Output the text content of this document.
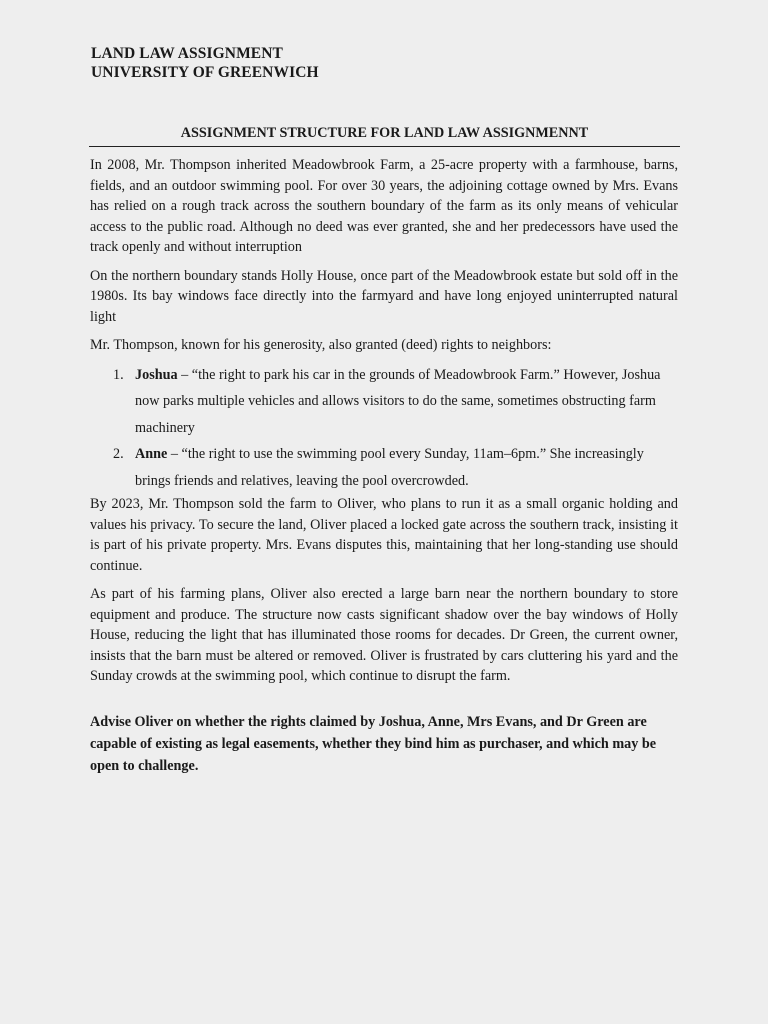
LAND LAW ASSIGNMENT
UNIVERSITY OF GREENWICH
ASSIGNMENT STRUCTURE FOR LAND LAW ASSIGNMENNT

In 2008, Mr. Thompson inherited Meadowbrook Farm, a 25-acre property with a farmhouse, barns, fields, and an outdoor swimming pool. For over 30 years, the adjoining cottage owned by Mrs. Evans has relied on a rough track across the southern boundary of the farm as its only means of vehicular access to the public road. Although no deed was ever granted, she and her predecessors have used the track openly and without interruption

On the northern boundary stands Holly House, once part of the Meadowbrook estate but sold off in the 1980s. Its bay windows face directly into the farmyard and have long enjoyed uninterrupted natural light

Mr. Thompson, known for his generosity, also granted (deed) rights to neighbors:

1. Joshua – “the right to park his car in the grounds of Meadowbrook Farm.” However, Joshua
now parks multiple vehicles and allows visitors to do the same, sometimes obstructing farm
machinery
2. Anne – “the right to use the swimming pool every Sunday, 11am–6pm.” She increasingly
brings friends and relatives, leaving the pool overcrowded.

By 2023, Mr. Thompson sold the farm to Oliver, who plans to run it as a small organic holding and values his privacy. To secure the land, Oliver placed a locked gate across the southern track, insisting it is part of his private property. Mrs. Evans disputes this, maintaining that her long-standing use should continue.

As part of his farming plans, Oliver also erected a large barn near the northern boundary to store equipment and produce. The structure now casts significant shadow over the bay windows of Holly House, reducing the light that has illuminated those rooms for decades. Dr Green, the current owner, insists that the barn must be altered or removed. Oliver is frustrated by cars cluttering his yard and the Sunday crowds at the swimming pool, which continue to disrupt the farm.

Advise Oliver on whether the rights claimed by Joshua, Anne, Mrs Evans, and Dr Green are capable of existing as legal easements, whether they bind him as purchaser, and which may be open to challenge.
